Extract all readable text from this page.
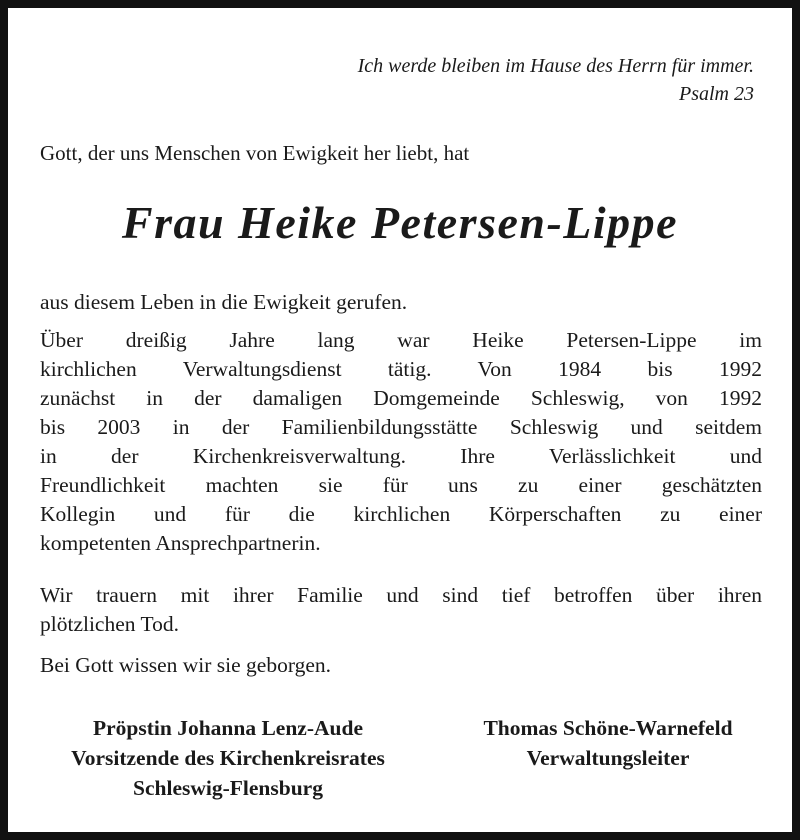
Ich werde bleiben im Hause des Herrn für immer.
Psalm 23
Gott, der uns Menschen von Ewigkeit her liebt, hat
Frau Heike Petersen-Lippe
aus diesem Leben in die Ewigkeit gerufen.
Über dreißig Jahre lang war Heike Petersen-Lippe im
kirchlichen Verwaltungsdienst tätig. Von 1984 bis 1992
zunächst in der damaligen Domgemeinde Schleswig, von 1992
bis 2003 in der Familienbildungsstätte Schleswig und seitdem
in der Kirchenkreisverwaltung. Ihre Verlässlichkeit und
Freundlichkeit machten sie für uns zu einer geschätzten
Kollegin und für die kirchlichen Körperschaften zu einer
kompetenten Ansprechpartnerin.
Wir trauern mit ihrer Familie und sind tief betroffen über ihren
plötzlichen Tod.
Bei Gott wissen wir sie geborgen.
Pröpstin Johanna Lenz-Aude
Vorsitzende des Kirchenkreisrates
Schleswig-Flensburg
Thomas Schöne-Warnefeld
Verwaltungsleiter
